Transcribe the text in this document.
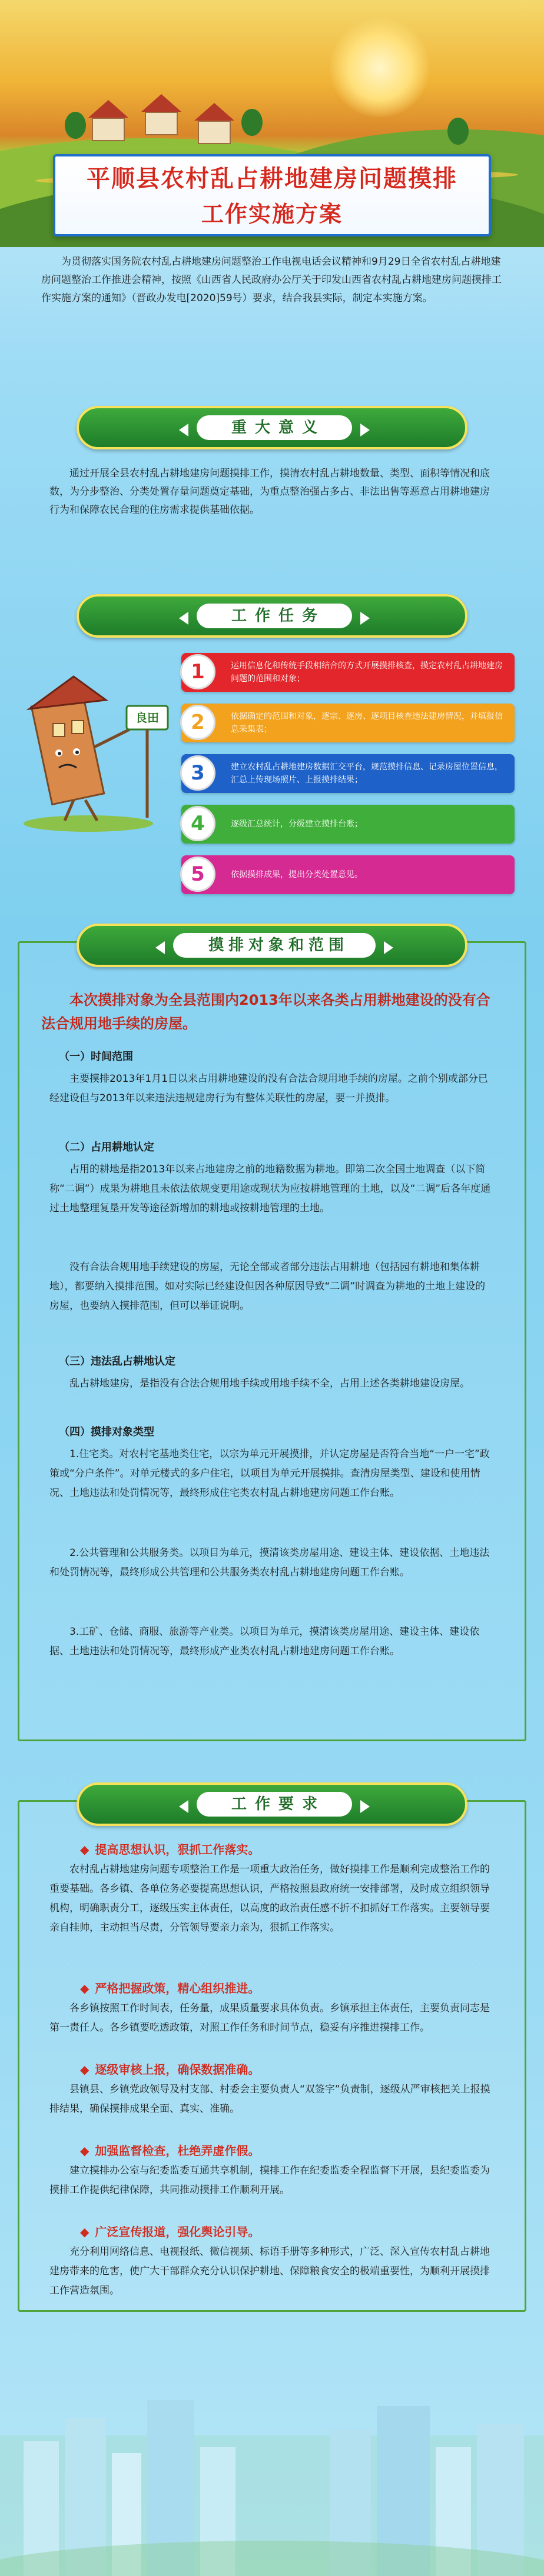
平顺县农村乱占耕地建房问题摸排
工作实施方案
为贯彻落实国务院农村乱占耕地建房问题整治工作电视电话会议精神和9月29日全省农村乱占耕地建房问题整治工作推进会精神，按照《山西省人民政府办公厅关于印发山西省农村乱占耕地建房问题摸排工作实施方案的通知》（晋政办发电[2020]59号）要求，结合我县实际，制定本实施方案。
重大意义
通过开展全县农村乱占耕地建房问题摸排工作，摸清农村乱占耕地数量、类型、面积等情况和底数，为分步整治、分类处置存量问题奠定基础，为重点整治强占多占、非法出售等恶意占用耕地建房行为和保障农民合理的住房需求提供基础依据。
工作任务
良田
运用信息化和传统手段相结合的方式开展摸排核查，摸定农村乱占耕地建房问题的范围和对象；
1
依据确定的范围和对象，逐宗、逐房、逐项目核查违法建房情况，并填报信息采集表；
2
建立农村乱占耕地建房数据汇交平台，规范摸排信息、记录房屋位置信息，汇总上传现场照片、上报摸排结果；
3
逐级汇总统计，分级建立摸排台账；
4
依据摸排成果，提出分类处置意见。
5
摸排对象和范围
本次摸排对象为全县范围内2013年以来各类占用耕地建设的没有合法合规用地手续的房屋。
（一）时间范围
主要摸排2013年1月1日以来占用耕地建设的没有合法合规用地手续的房屋。之前个别或部分已经建设但与2013年以来违法违规建房行为有整体关联性的房屋，要一并摸排。
（二）占用耕地认定
占用的耕地是指2013年以来占地建房之前的地籍数据为耕地。即第二次全国土地调查（以下简称“二调”）成果为耕地且未依法依规变更用途或现状为应按耕地管理的土地，以及“二调”后各年度通过土地整理复垦开发等途径新增加的耕地或按耕地管理的土地。
没有合法合规用地手续建设的房屋，无论全部或者部分违法占用耕地（包括园有耕地和集体耕地），都要纳入摸排范围。如对实际已经建设但因各种原因导致“二调”时调查为耕地的土地上建设的房屋，也要纳入摸排范围，但可以举证说明。
（三）违法乱占耕地认定
乱占耕地建房，是指没有合法合规用地手续或用地手续不全，占用上述各类耕地建设房屋。
（四）摸排对象类型
1.住宅类。对农村宅基地类住宅，以宗为单元开展摸排，并认定房屋是否符合当地“一户一宅”政策或“分户条件”。对单元楼式的多户住宅，以项目为单元开展摸排。查清房屋类型、建设和使用情况、土地违法和处罚情况等，最终形成住宅类农村乱占耕地建房问题工作台账。
2.公共管理和公共服务类。以项目为单元，摸清该类房屋用途、建设主体、建设依据、土地违法和处罚情况等，最终形成公共管理和公共服务类农村乱占耕地建房问题工作台账。
3.工矿、仓储、商服、旅游等产业类。以项目为单元，摸清该类房屋用途、建设主体、建设依据、土地违法和处罚情况等，最终形成产业类农村乱占耕地建房问题工作台账。
工作要求
◆ 提高思想认识，狠抓工作落实。
农村乱占耕地建房问题专项整治工作是一项重大政治任务，做好摸排工作是顺利完成整治工作的重要基础。各乡镇、各单位务必要提高思想认识，严格按照县政府统一安排部署，及时成立组织领导机构，明确职责分工，逐级压实主体责任，以高度的政治责任感不折不扣抓好工作落实。主要领导要亲自挂帅，主动担当尽责，分管领导要亲力亲为，狠抓工作落实。
◆ 严格把握政策，精心组织推进。
各乡镇按照工作时间表，任务量，成果质量要求具体负责。乡镇承担主体责任，主要负责同志是第一责任人。各乡镇要吃透政策，对照工作任务和时间节点，稳妥有序推进摸排工作。
◆ 逐级审核上报，确保数据准确。
县镇县、乡镇党政领导及村支部、村委会主要负责人“双签字”负责制，逐级从严审核把关上报摸排结果，确保摸排成果全面、真实、准确。
◆ 加强监督检查，杜绝弄虚作假。
建立摸排办公室与纪委监委互通共享机制，摸排工作在纪委监委全程监督下开展，县纪委监委为摸排工作提供纪律保障，共同推动摸排工作顺利开展。
◆ 广泛宣传报道，强化舆论引导。
充分利用网络信息、电视报纸、微信视频、标语手册等多种形式，广泛、深入宣传农村乱占耕地建房带来的危害，使广大干部群众充分认识保护耕地、保障粮食安全的极端重要性，为顺利开展摸排工作营造氛围。
